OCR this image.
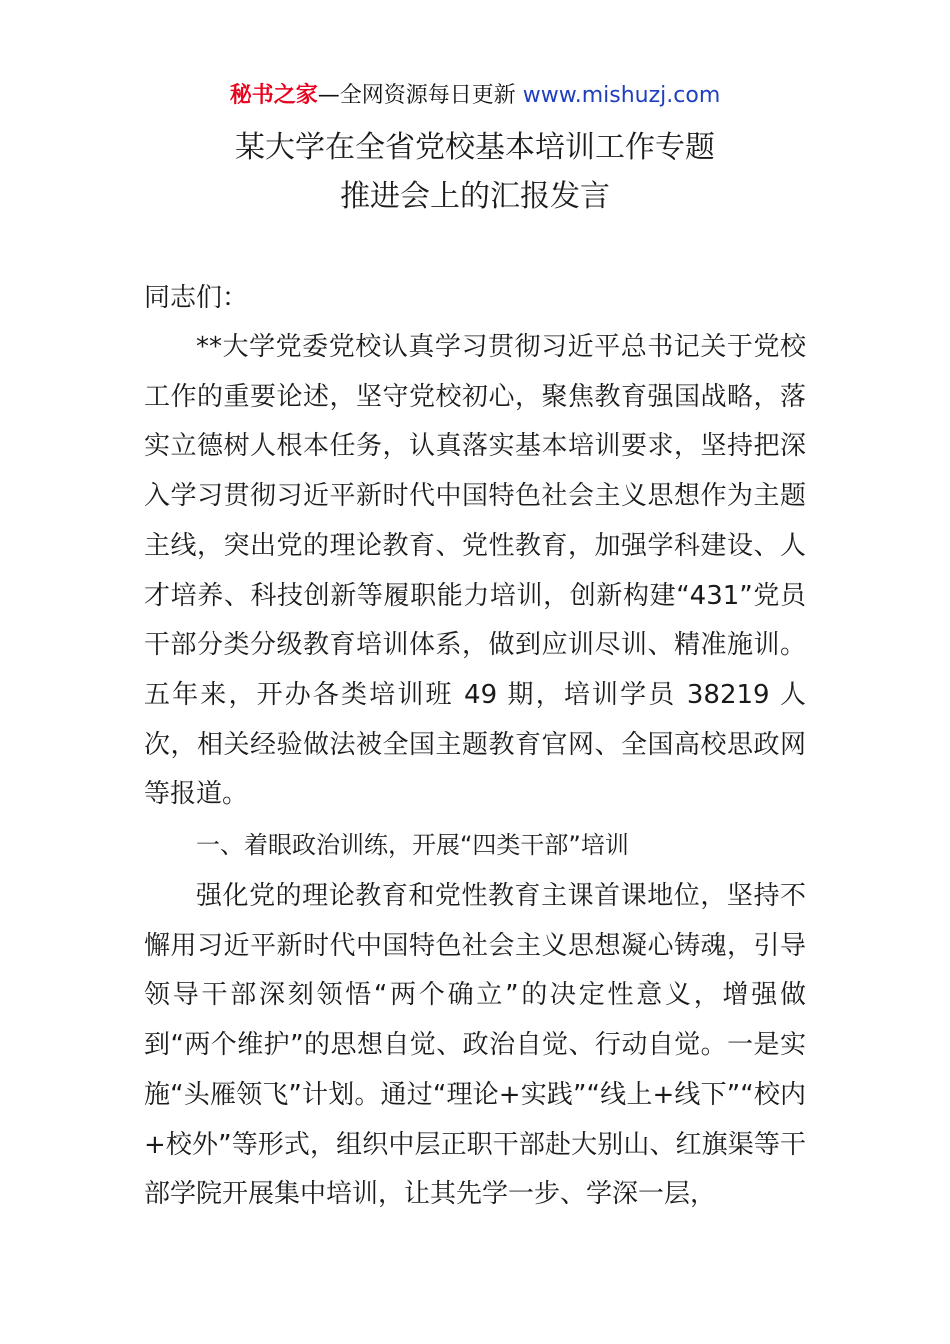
秘书之家—全网资源每日更新 www.mishuzj.com
某大学在全省党校基本培训工作专题
推进会上的汇报发言
同志们：

**大学党委党校认真学习贯彻习近平总书记关于党校工作的重要论述，坚守党校初心，聚焦教育强国战略，落实立德树人根本任务，认真落实基本培训要求，坚持把深入学习贯彻习近平新时代中国特色社会主义思想作为主题主线，突出党的理论教育、党性教育，加强学科建设、人才培养、科技创新等履职能力培训，创新构建“431”党员干部分类分级教育培训体系，做到应训尽训、精准施训。五年来，开办各类培训班 49 期，培训学员 38219 人次，相关经验做法被全国主题教育官网、全国高校思政网等报道。

一、着眼政治训练，开展“四类干部”培训

强化党的理论教育和党性教育主课首课地位，坚持不懈用习近平新时代中国特色社会主义思想凝心铸魂，引导领导干部深刻领悟“两个确立”的决定性意义，增强做到“两个维护”的思想自觉、政治自觉、行动自觉。一是实施“头雁领飞”计划。通过“理论+实践”“线上+线下”“校内+校外”等形式，组织中层正职干部赴大别山、红旗渠等干部学院开展集中培训，让其先学一步、学深一层，
